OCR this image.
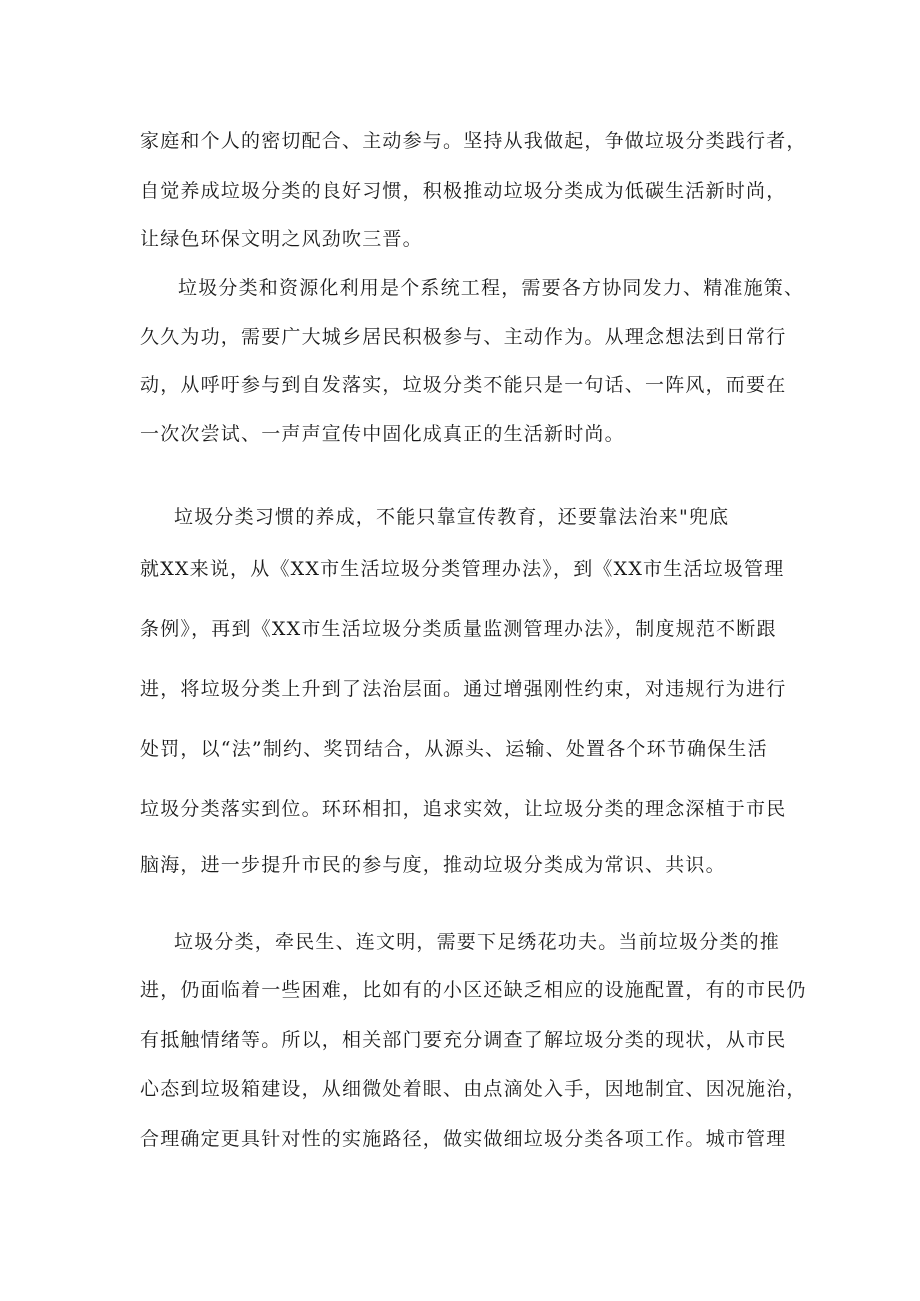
家庭和个人的密切配合、主动参与。坚持从我做起，争做垃圾分类践行者，
自觉养成垃圾分类的良好习惯，积极推动垃圾分类成为低碳生活新时尚，
让绿色环保文明之风劲吹三晋。
垃圾分类和资源化利用是个系统工程，需要各方协同发力、精准施策、
久久为功，需要广大城乡居民积极参与、主动作为。从理念想法到日常行
动，从呼吁参与到自发落实，垃圾分类不能只是一句话、一阵风，而要在
一次次尝试、一声声宣传中固化成真正的生活新时尚。
垃圾分类习惯的养成，不能只靠宣传教育，还要靠法治来"兜底
就XX来说，从《XX市生活垃圾分类管理办法》，到《XX市生活垃圾管理
条例》，再到《XX市生活垃圾分类质量监测管理办法》，制度规范不断跟
进，将垃圾分类上升到了法治层面。通过增强刚性约束，对违规行为进行
处罚，以“法”制约、奖罚结合，从源头、运输、处置各个环节确保生活
垃圾分类落实到位。环环相扣，追求实效，让垃圾分类的理念深植于市民
脑海，进一步提升市民的参与度，推动垃圾分类成为常识、共识。
垃圾分类，牵民生、连文明，需要下足绣花功夫。当前垃圾分类的推
进，仍面临着一些困难，比如有的小区还缺乏相应的设施配置，有的市民仍
有抵触情绪等。所以，相关部门要充分调查了解垃圾分类的现状，从市民
心态到垃圾箱建设，从细微处着眼、由点滴处入手，因地制宜、因况施治，
合理确定更具针对性的实施路径，做实做细垃圾分类各项工作。城市管理
